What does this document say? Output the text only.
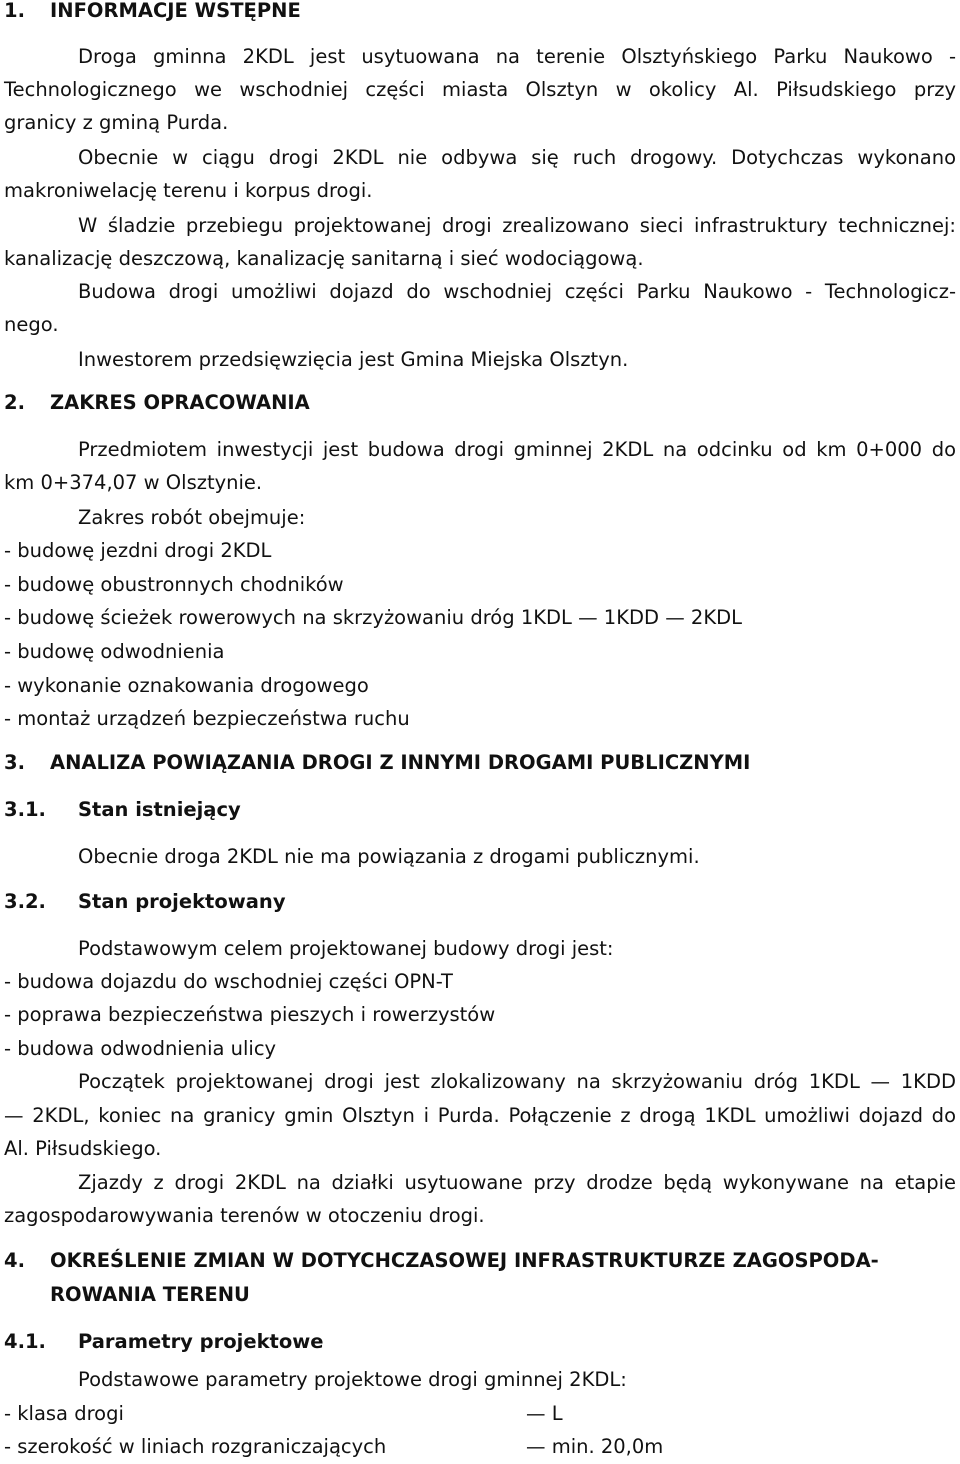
1. INFORMACJE WSTĘPNE
Droga gminna 2KDL jest usytuowana na terenie Olsztyńskiego Parku Naukowo -
Technologicznego we wschodniej części miasta Olsztyn w okolicy Al. Piłsudskiego przy
granicy z gminą Purda.
Obecnie w ciągu drogi 2KDL nie odbywa się ruch drogowy. Dotychczas wykonano
makroniwelację terenu i korpus drogi.
W śladzie przebiegu projektowanej drogi zrealizowano sieci infrastruktury technicznej:
kanalizację deszczową, kanalizację sanitarną i sieć wodociągową.
Budowa drogi umożliwi dojazd do wschodniej części Parku Naukowo - Technologicz-
nego.
Inwestorem przedsięwzięcia jest Gmina Miejska Olsztyn.
2. ZAKRES OPRACOWANIA
Przedmiotem inwestycji jest budowa drogi gminnej 2KDL na odcinku od km 0+000 do
km 0+374,07 w Olsztynie.
Zakres robót obejmuje:
- budowę jezdni drogi 2KDL
- budowę obustronnych chodników
- budowę ścieżek rowerowych na skrzyżowaniu dróg 1KDL — 1KDD — 2KDL
- budowę odwodnienia
- wykonanie oznakowania drogowego
- montaż urządzeń bezpieczeństwa ruchu
3. ANALIZA POWIĄZANIA DROGI Z INNYMI DROGAMI PUBLICZNYMI
3.1. Stan istniejący
Obecnie droga 2KDL nie ma powiązania z drogami publicznymi.
3.2. Stan projektowany
Podstawowym celem projektowanej budowy drogi jest:
- budowa dojazdu do wschodniej części OPN-T
- poprawa bezpieczeństwa pieszych i rowerzystów
- budowa odwodnienia ulicy
Początek projektowanej drogi jest zlokalizowany na skrzyżowaniu dróg 1KDL — 1KDD
— 2KDL, koniec na granicy gmin Olsztyn i Purda. Połączenie z drogą 1KDL umożliwi dojazd do
Al. Piłsudskiego.
Zjazdy z drogi 2KDL na działki usytuowane przy drodze będą wykonywane na etapie
zagospodarowywania terenów w otoczeniu drogi.
4. OKREŚLENIE ZMIAN W DOTYCHCZASOWEJ INFRASTRUKTURZE ZAGOSPODA-
ROWANIA TERENU
4.1. Parametry projektowe
Podstawowe parametry projektowe drogi gminnej 2KDL:
- klasa drogi	— L
- szerokość w liniach rozgraniczających	— min. 20,0m
